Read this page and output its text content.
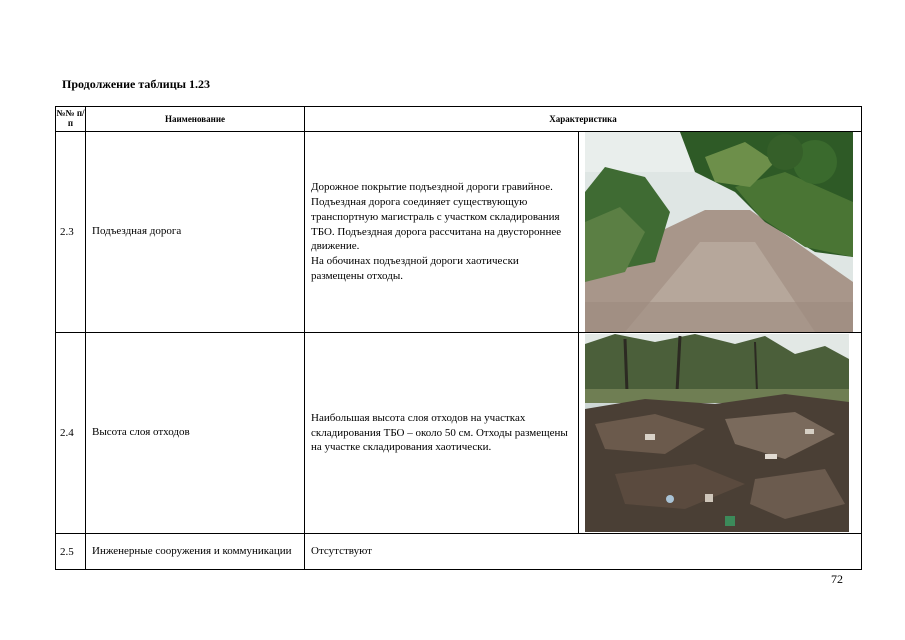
Продолжение таблицы 1.23
№№ п/п	Наименование	Характеристика	
2.3	Подъездная дорога	Дорожное покрытие подъездной дороги гравийное.

Подъездная дорога соединяет существующую транспортную магистраль с участком складирования ТБО. Подъездная дорога рассчитана на двустороннее движение.

На обочинах подъездной дороги хаотически размещены отходы.

2.4	Высота слоя отходов	Наибольшая высота слоя отходов на участках складирования ТБО – около 50 см. Отходы размещены на участке складирования хаотически.

2.5	Инженерные сооружения и коммуникации	Отсутствуют	

72
